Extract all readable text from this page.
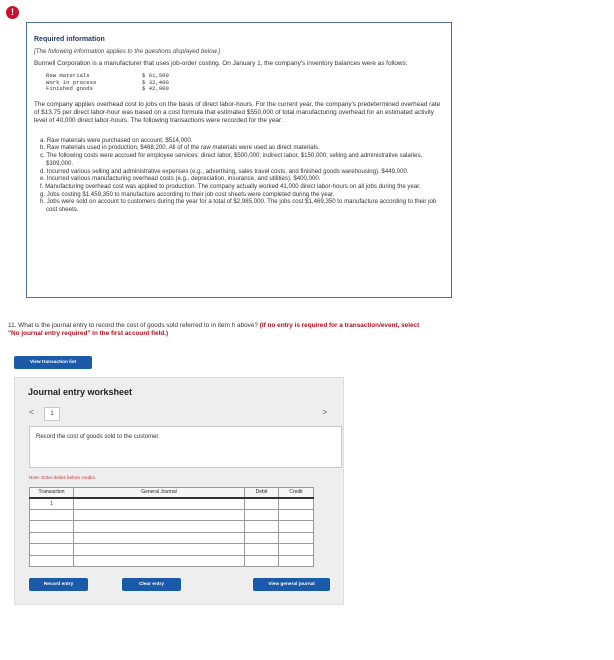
!
Required information
[The following information applies to the questions displayed below.]
Bunnell Corporation is a manufacturer that uses job-order costing. On January 1, the company's inventory balances were as follows:
Raw materials	$ 61,500
Work in process	$ 32,400
Finished goods	$ 42,900
The company applies overhead cost to jobs on the basis of direct labor-hours. For the current year, the company's predetermined overhead rate of $13.75 per direct labor-hour was based on a cost formula that estimated $550,000 of total manufacturing overhead for an estimated activity level of 40,000 direct labor-hours. The following transactions were recorded for the year:
a. Raw materials were purchased on account, $514,000.
b. Raw materials used in production, $468,200. All of of the raw materials were used as direct materials.
c. The following costs were accrued for employee services: direct labor, $500,000; indirect labor, $150,000; selling and administrative salaries, $309,000.
d. Incurred various selling and administrative expenses (e.g., advertising, sales travel costs, and finished goods warehousing), $449,000.
e. Incurred various manufacturing overhead costs (e.g., depreciation, insurance, and utilities), $400,000.
f. Manufacturing overhead cost was applied to production. The company actually worked 41,000 direct labor-hours on all jobs during the year.
g. Jobs costing $1,459,350 to manufacture according to their job cost sheets were completed during the year.
h. Jobs were sold on account to customers during the year for a total of $2,985,000. The jobs cost $1,469,350 to manufacture according to their job cost sheets.
11. What is the journal entry to record the cost of goods sold referred to in item h above? (If no entry is required for a transaction/event, select "No journal entry required" in the first account field.)
View transaction list
Journal entry worksheet
<	1	>
Record the cost of goods sold to the customer.
Note: Enter debits before credits.
Transaction	General Journal	Debit	Credit
1			

Record entry	Clear entry	View general journal
